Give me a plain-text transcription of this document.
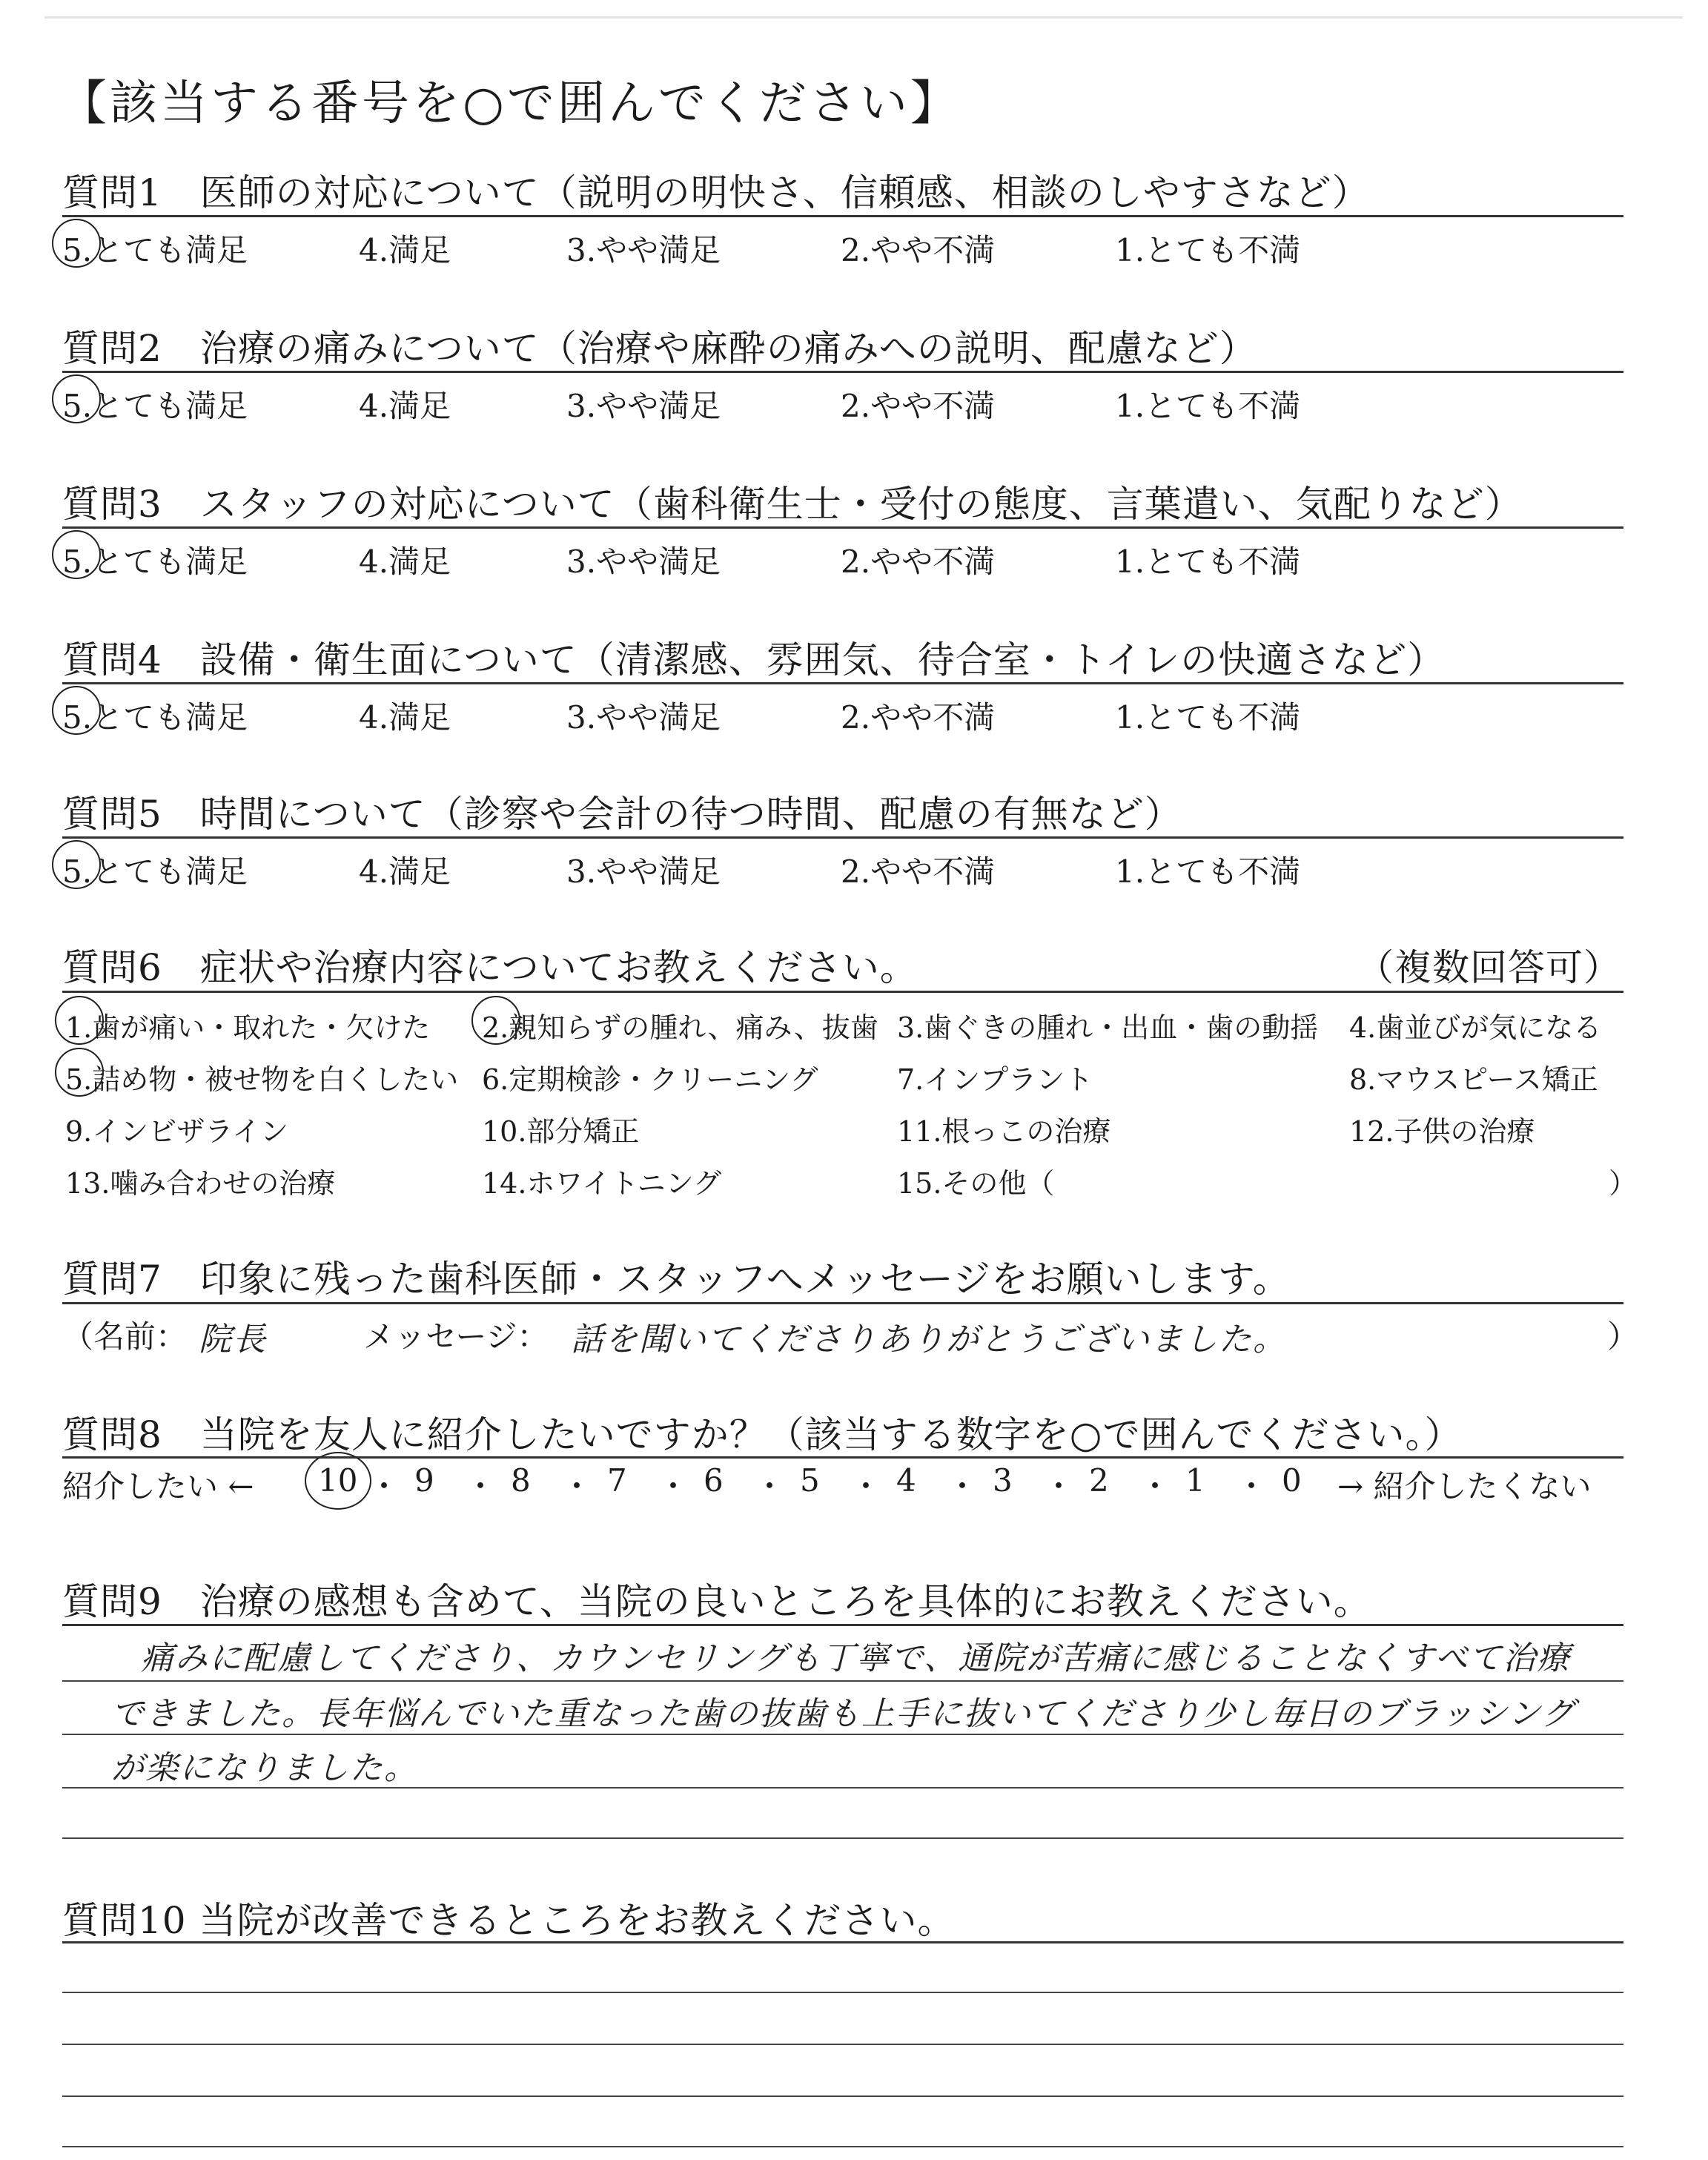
【該当する番号を○で囲んでください】
質問1　医師の対応について（説明の明快さ、信頼感、相談のしやすさなど）
5.とても満足	4.満足	3.やや満足	2.やや不満	1.とても不満
質問2　治療の痛みについて（治療や麻酔の痛みへの説明、配慮など）
5.とても満足	4.満足	3.やや満足	2.やや不満	1.とても不満
質問3　スタッフの対応について（歯科衛生士・受付の態度、言葉遣い、気配りなど）
5.とても満足	4.満足	3.やや満足	2.やや不満	1.とても不満
質問4　設備・衛生面について（清潔感、雰囲気、待合室・トイレの快適さなど）
5.とても満足	4.満足	3.やや満足	2.やや不満	1.とても不満
質問5　時間について（診察や会計の待つ時間、配慮の有無など）
5.とても満足	4.満足	3.やや満足	2.やや不満	1.とても不満
質問6　症状や治療内容についてお教えください。	（複数回答可）
1.歯が痛い・取れた・欠けた 2.親知らずの腫れ、痛み、抜歯 3.歯ぐきの腫れ・出血・歯の動揺 4.歯並びが気になる
5.詰め物・被せ物を白くしたい 6.定期検診・クリーニング	7.インプラント	8.マウスピース矯正
9.インビザライン	10.部分矯正	11.根っこの治療	12.子供の治療
13.噛み合わせの治療	14.ホワイトニング	15.その他（	）
質問7　印象に残った歯科医師・スタッフへメッセージをお願いします。
（名前： 院長	メッセージ： 話を聞いてくださりありがとうございました。	）
質問8　当院を友人に紹介したいですか？（該当する数字を○で囲んでください。）
紹介したい ← 10 ・ 9 ・ 8 ・ 7 ・ 6 ・ 5 ・ 4 ・ 3 ・ 2 ・ 1 ・ 0 → 紹介したくない
質問9　治療の感想も含めて、当院の良いところを具体的にお教えください。
痛みに配慮してくださり、カウンセリングも丁寧で、通院が苦痛に感じることなくすべて治療
できました。長年悩んでいた重なった歯の抜歯も上手に抜いてくださり少し毎日のブラッシング
が楽になりました。
質問10 当院が改善できるところをお教えください。
